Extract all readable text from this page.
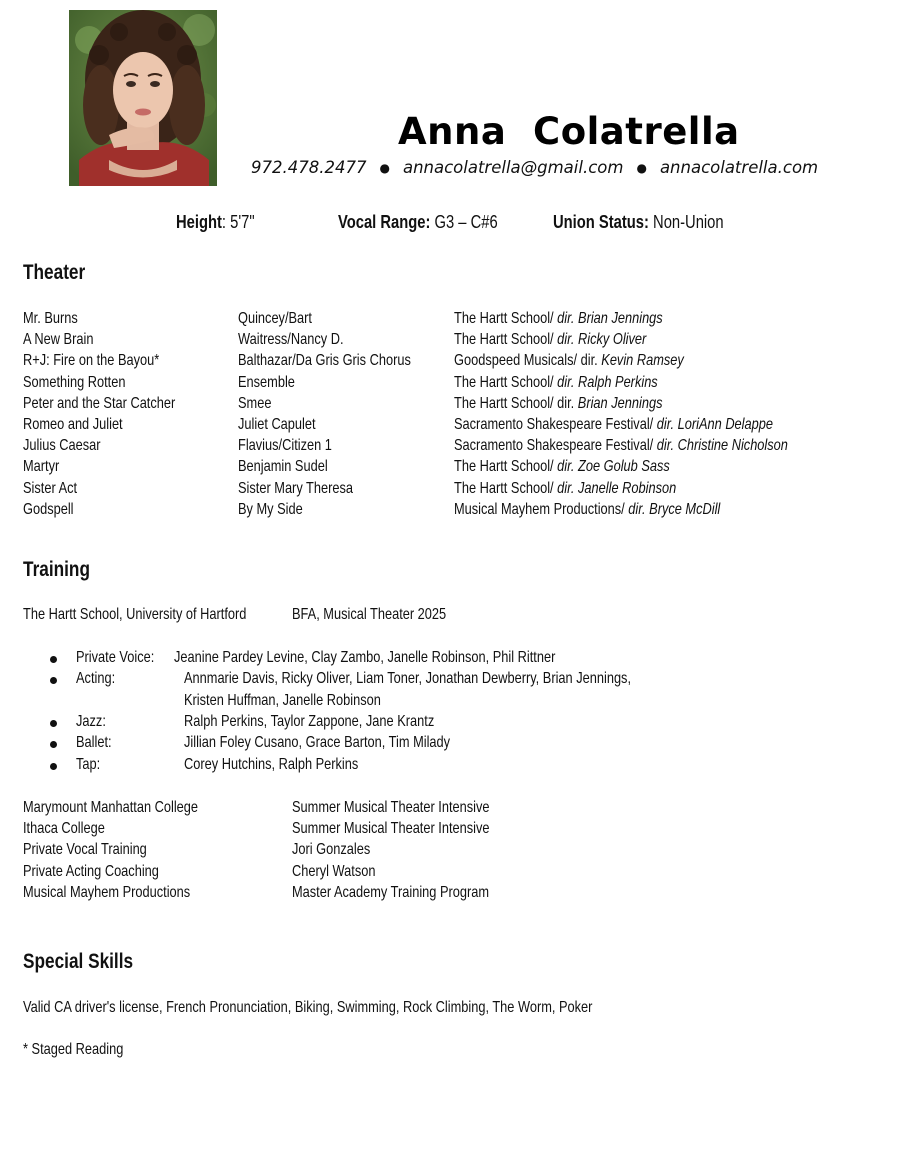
Anna  Colatrella
972.478.2477 ● annacolatrella@gmail.com ● annacolatrella.com
Height: 5'7"	Vocal Range: G3 – C#6	Union Status: Non-Union
Theater
Mr. Burns	Quincey/Bart	The Hartt School/ dir. Brian Jennings
A New Brain	Waitress/Nancy D.	The Hartt School/ dir. Ricky Oliver
R+J: Fire on the Bayou*	Balthazar/Da Gris Gris Chorus	Goodspeed Musicals/ dir. Kevin Ramsey
Something Rotten	Ensemble	The Hartt School/ dir. Ralph Perkins
Peter and the Star Catcher	Smee	The Hartt School/ dir. Brian Jennings
Romeo and Juliet	Juliet Capulet	Sacramento Shakespeare Festival/ dir. LoriAnn Delappe
Julius Caesar	Flavius/Citizen 1	Sacramento Shakespeare Festival/ dir. Christine Nicholson
Martyr	Benjamin Sudel	The Hartt School/ dir. Zoe Golub Sass
Sister Act	Sister Mary Theresa	The Hartt School/ dir. Janelle Robinson
Godspell	By My Side	Musical Mayhem Productions/ dir. Bryce McDill
Training
The Hartt School, University of Hartford	BFA, Musical Theater 2025
Private Voice: Jeanine Pardey Levine, Clay Zambo, Janelle Robinson, Phil Rittner
Acting:	Annmarie Davis, Ricky Oliver, Liam Toner, Jonathan Dewberry, Brian Jennings,
Kristen Huffman, Janelle Robinson
Jazz:	Ralph Perkins, Taylor Zappone, Jane Krantz
Ballet:	Jillian Foley Cusano, Grace Barton, Tim Milady
Tap:	Corey Hutchins, Ralph Perkins
Marymount Manhattan College	Summer Musical Theater Intensive
Ithaca College	Summer Musical Theater Intensive
Private Vocal Training	Jori Gonzales
Private Acting Coaching	Cheryl Watson
Musical Mayhem Productions	Master Academy Training Program
Special Skills
Valid CA driver's license, French Pronunciation, Biking, Swimming, Rock Climbing, The Worm, Poker
* Staged Reading
